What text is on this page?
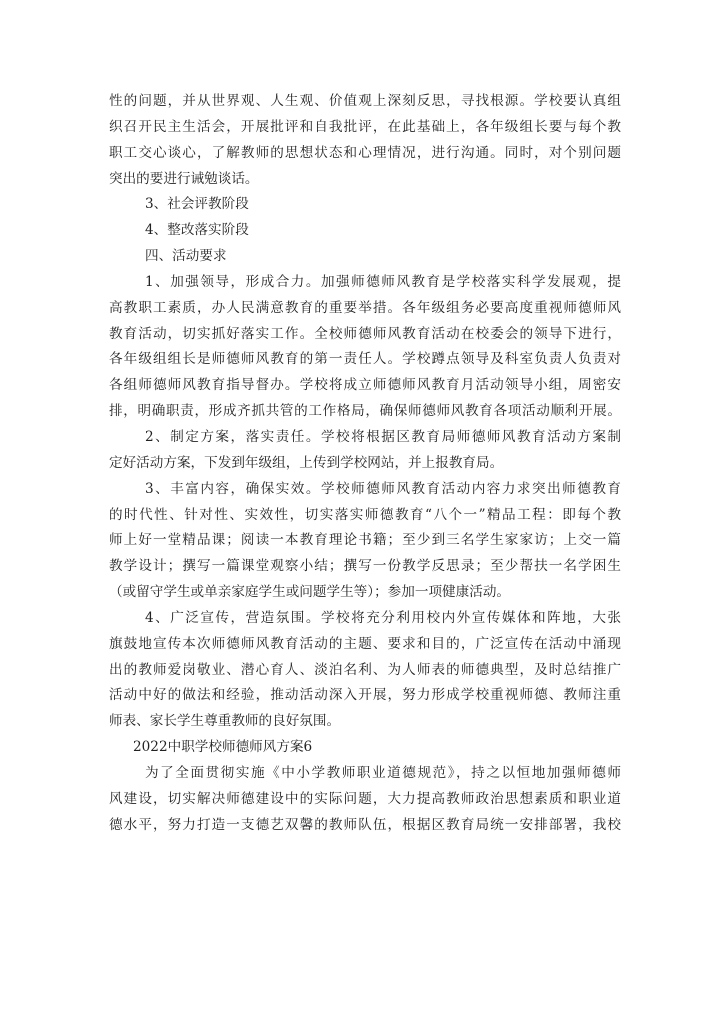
性的问题，并从世界观、人生观、价值观上深刻反思，寻找根源。学校要认真组
织召开民主生活会，开展批评和自我批评，在此基础上，各年级组长要与每个教
职工交心谈心，了解教师的思想状态和心理情况，进行沟通。同时，对个别问题
突出的要进行诫勉谈话。
3、社会评教阶段
4、整改落实阶段
四、活动要求
1、加强领导，形成合力。加强师德师风教育是学校落实科学发展观，提
高教职工素质，办人民满意教育的重要举措。各年级组务必要高度重视师德师风
教育活动，切实抓好落实工作。全校师德师风教育活动在校委会的领导下进行，
各年级组组长是师德师风教育的第一责任人。学校蹲点领导及科室负责人负责对
各组师德师风教育指导督办。学校将成立师德师风教育月活动领导小组，周密安
排，明确职责，形成齐抓共管的工作格局，确保师德师风教育各项活动顺利开展。
2、制定方案，落实责任。学校将根据区教育局师德师风教育活动方案制
定好活动方案，下发到年级组，上传到学校网站，并上报教育局。
3、丰富内容，确保实效。学校师德师风教育活动内容力求突出师德教育
的时代性、针对性、实效性，切实落实师德教育“八个一”精品工程：即每个教
师上好一堂精品课；阅读一本教育理论书籍；至少到三名学生家家访；上交一篇
教学设计；撰写一篇课堂观察小结；撰写一份教学反思录；至少帮扶一名学困生
（或留守学生或单亲家庭学生或问题学生等）；参加一项健康活动。
4、广泛宣传，营造氛围。学校将充分利用校内外宣传媒体和阵地，大张
旗鼓地宣传本次师德师风教育活动的主题、要求和目的，广泛宣传在活动中涌现
出的教师爱岗敬业、潜心育人、淡泊名利、为人师表的师德典型，及时总结推广
活动中好的做法和经验，推动活动深入开展，努力形成学校重视师德、教师注重
师表、家长学生尊重教师的良好氛围。
2022中职学校师德师风方案6
为了全面贯彻实施《中小学教师职业道德规范》，持之以恒地加强师德师
风建设，切实解决师德建设中的实际问题，大力提高教师政治思想素质和职业道
德水平，努力打造一支德艺双馨的教师队伍，根据区教育局统一安排部署，我校
